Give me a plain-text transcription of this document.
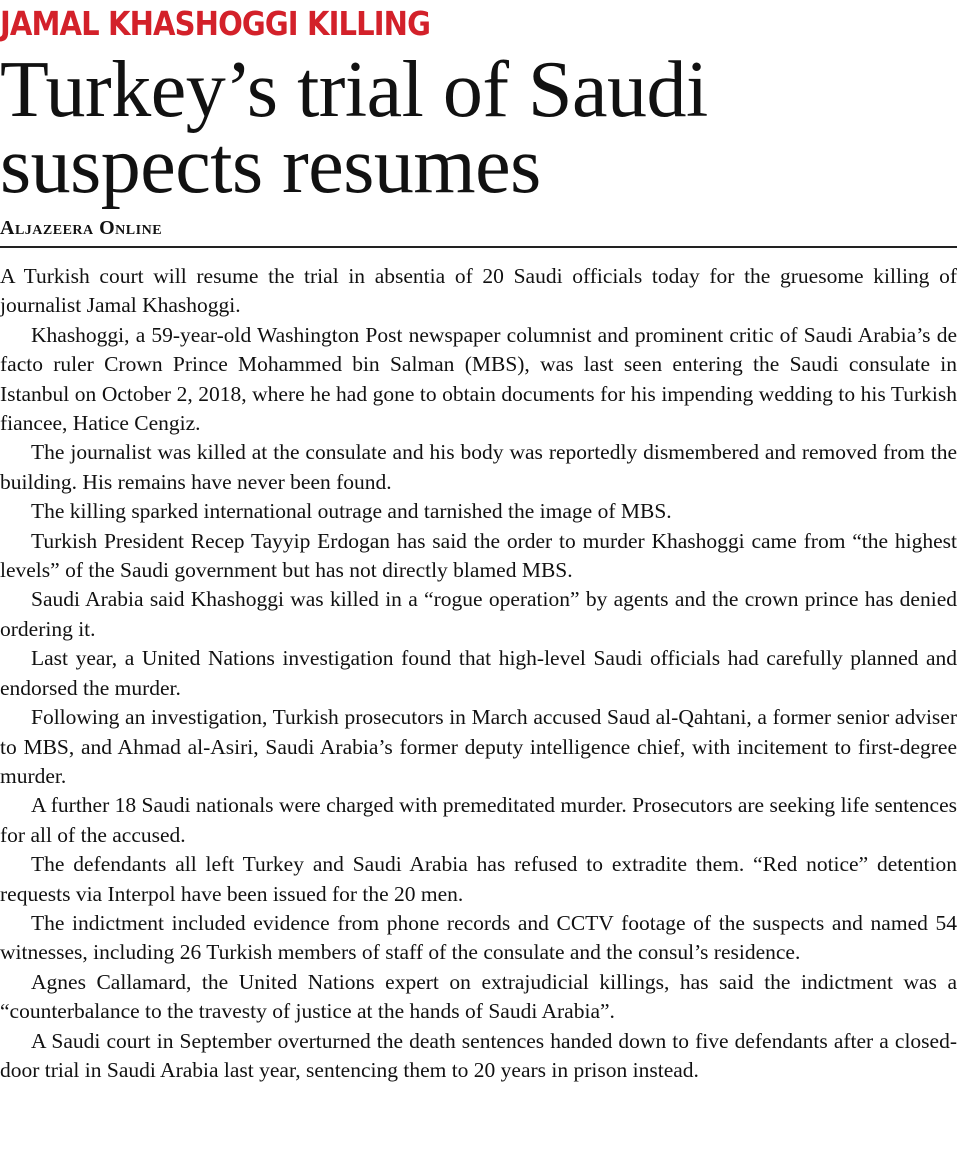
JAMAL KHASHOGGI KILLING
Turkey’s trial of Saudi suspects resumes
Aljazeera Online

A Turkish court will resume the trial in absentia of 20 Saudi officials today for the gruesome killing of journalist Jamal Khashoggi.

Khashoggi, a 59-year-old Washington Post newspaper columnist and prominent critic of Saudi Arabia’s de facto ruler Crown Prince Mohammed bin Salman (MBS), was last seen entering the Saudi consulate in Istanbul on October 2, 2018, where he had gone to obtain documents for his impending wedding to his Turkish fiancee, Hatice Cengiz.

The journalist was killed at the consulate and his body was reportedly dismembered and removed from the building. His remains have never been found.

The killing sparked international outrage and tarnished the image of MBS.

Turkish President Recep Tayyip Erdogan has said the order to murder Khashoggi came from “the highest levels” of the Saudi government but has not directly blamed MBS.

Saudi Arabia said Khashoggi was killed in a “rogue operation” by agents and the crown prince has denied ordering it.

Last year, a United Nations investigation found that high-level Saudi officials had carefully planned and endorsed the murder.

Following an investigation, Turkish prosecutors in March accused Saud al-Qahtani, a former senior adviser to MBS, and Ahmad al-Asiri, Saudi Arabia’s former deputy intelligence chief, with incitement to first-degree murder.

A further 18 Saudi nationals were charged with premeditated murder. Prosecutors are seeking life sentences for all of the accused.

The defendants all left Turkey and Saudi Arabia has refused to extradite them. “Red notice” detention requests via Interpol have been issued for the 20 men.

The indictment included evidence from phone records and CCTV footage of the suspects and named 54 witnesses, including 26 Turkish members of staff of the consulate and the consul’s residence.

Agnes Callamard, the United Nations expert on extrajudicial killings, has said the indictment was a “counterbalance to the travesty of justice at the hands of Saudi Arabia”.

A Saudi court in September overturned the death sentences handed down to five defendants after a closed-door trial in Saudi Arabia last year, sentencing them to 20 years in prison instead.
